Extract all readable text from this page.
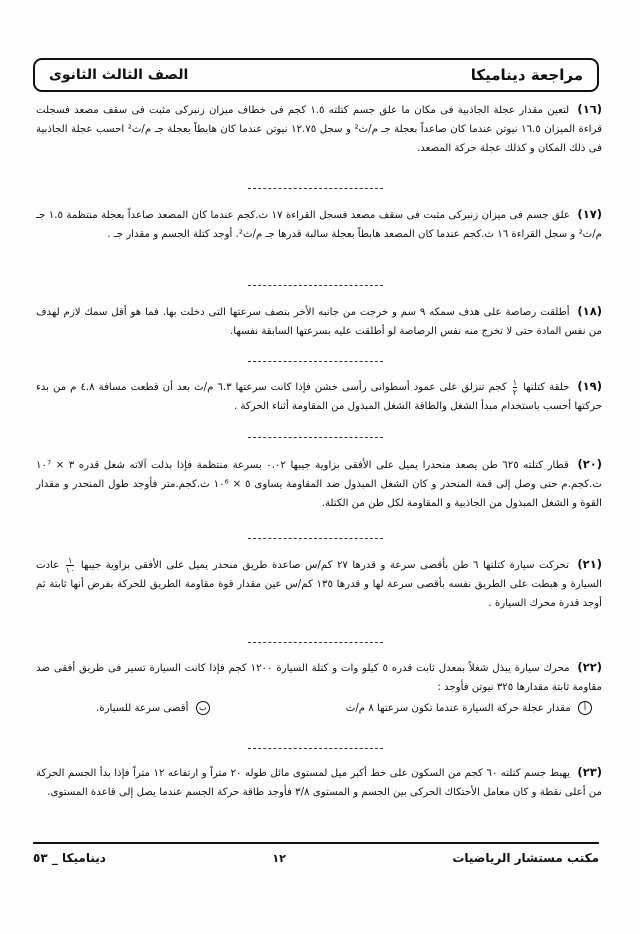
مراجعة ديناميكا
الصف الثالث الثانوى
(١٦) لتعين مقدار عجلة الجاذبية فى مكان ما علق جسم كتلته ١.٥ كجم فى خطاف ميزان زنبركى مثبت فى سقف مصعد فسجلت قراءة الميزان ١٦.٥ نيوتن عندما كان صاعداً بعجلة جـ م/ث² و سجل ١٢.٧٥ نيوتن عندما كان هابطاً بعجلة جـ م/ث² احسب عجلة الجاذبية فى ذلك المكان و كذلك عجلة حركة المصعد.
(١٧) علق جسم فى ميزان زنبركى مثبت فى سقف مصعد فسجل القراءة ١٧ ث.كجم عندما كان المصعد صاعداً بعجلة منتظمة ١.٥ جـ م/ث² و سجل القراءة ١٦ ث.كجم عندما كان المصعد هابطاً بعجلة سالبة قدرها جـ م/ث². أوجد كتلة الجسم و مقدار جـ .
(١٨) أطلقت رصاصة على هدف سمكه ٩ سم و خرجت من جانبه الأخر بنصف سرعتها التى دخلت بها. فما هو أقل سمك لازم لهدف من نفس المادة حتى لا تخرج منه نفس الرصاصة لو أطلقت عليه بسرعتها السابقة نفسها.
(١٩) حلقة كتلتها
$\frac{١}{٢}$
كجم تنزلق على عمود أسطوانى رأسى خشن فإذا كانت سرعتها ٦.٣ م/ث بعد أن قطعت مسافة ٤.٨ م من بدء حركتها أحسب باستخدام مبدأ الشغل والطاقة الشغل المبذول من المقاومة أثناء الحركة .
(٢٠) قطار كتلته ٦٢٥ طن يصعد منحدرا يميل على الأفقى بزاوية جيبها ٠.٠٢ بسرعة منتظمة فإذا بذلت آلاته شغل قدره ٣ × ١٠⁷ ث.كجم.م حتى وصل إلى قمة المنحدر و كان الشغل المبذول ضد المقاومة يساوى ٥ × ١٠⁶ ث.كجم.متر فأوجد طول المنحدر و مقدار القوة و الشغل المبذول من الجاذبية و المقاومة لكل طن من الكتلة.
(٢١) تحركت سيارة كتلتها ٦ طن بأقصى سرعة و قدرها ٢٧ كم/س صاعدة طريق منحدر يميل على الأفقى بزاوية جيبها
$\frac{١}{١٠}$
عادت السيارة و هبطت على الطريق نفسه بأقصى سرعة لها و قدرها ١٣٥ كم/س عين مقدار قوة مقاومة الطريق للحركة بفرض أنها ثابتة ثم أوجد قدرة محرك السيارة .
(٢٢) محرك سيارة يبذل شغلاً بمعدل ثابت قدره ٥ كيلو وات و كتلة السيارة ١٢٠٠ كجم فإذا كانت السيارة تسير فى طريق أفقى ضد مقاومة ثابتة مقدارها ٣٢٥ نيوتن فأوجد :
أ مقدار عجلة حركة السيارة عندما تكون سرعتها ٨ م/ث
ب أقصى سرعة للسيارة.
(٢٣) يهبط جسم كتلته ٦٠ كجم من السكون على خط أكبر ميل لمستوى مائل طوله ٢٠ متراً و ارتفاعه ١٢ متراً فإذا بدأ الجسم الحركة من أعلى نقطة و كان معامل الأحتكاك الحركى بين الجسم و المستوى ٣/٨ فأوجد طاقة حركة الجسم عندما يصل إلى قاعدة المستوى.
مكتب مستشار الرياضيات
١٢
ديناميكا _ ٥٣
